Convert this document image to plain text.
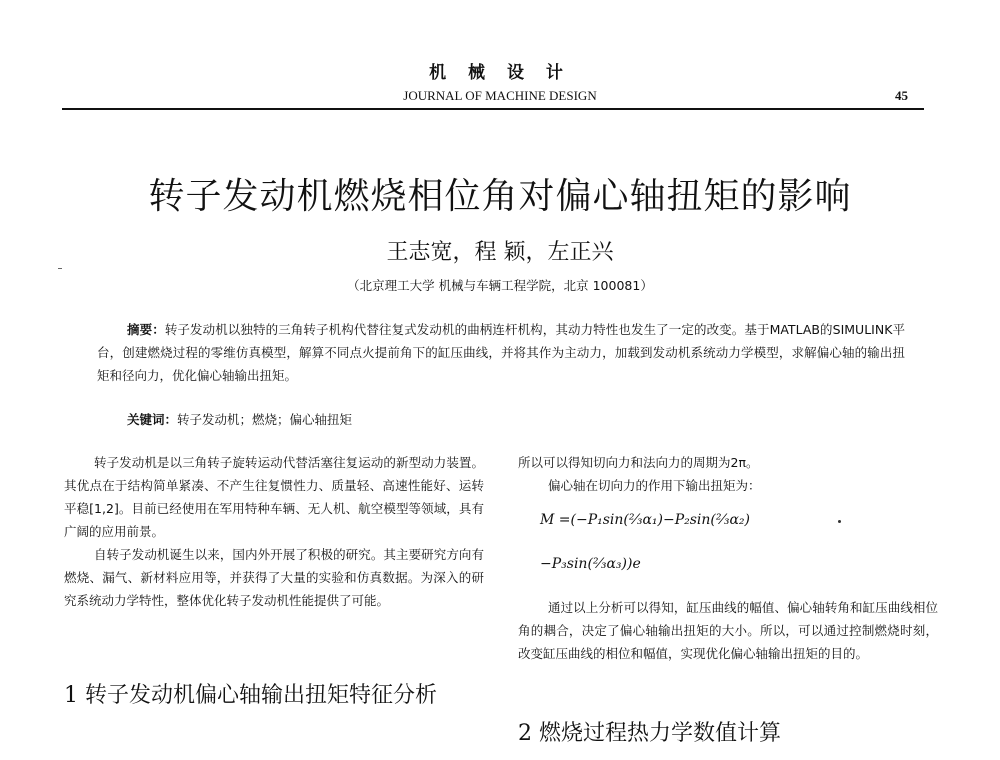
机 械 设 计
JOURNAL OF MACHINE DESIGN	45
转子发动机燃烧相位角对偏心轴扭矩的影响
王志宽，程 颖，左正兴
（北京理工大学 机械与车辆工程学院，北京 100081）
摘要：转子发动机以独特的三角转子机构代替往复式发动机的曲柄连杆机构，其动力特性也发生了一定的改变。基于MATLAB的SIMULINK平台，创建燃烧过程的零维仿真模型，解算不同点火提前角下的缸压曲线，并将其作为主动力，加载到发动机系统动力学模型，求解偏心轴的输出扭矩和径向力，优化偏心轴输出扭矩。
关键词：转子发动机；燃烧；偏心轴扭矩

转子发动机是以三角转子旋转运动代替活塞往复运动的新型动力装置。其优点在于结构简单紧凑、不产生往复惯性力、质量轻、高速性能好、运转平稳[1,2]。目前已经使用在军用特种车辆、无人机、航空模型等领域，具有广阔的应用前景。

自转子发动机诞生以来，国内外开展了积极的研究。其主要研究方向有燃烧、漏气、新材料应用等，并获得了大量的实验和仿真数据。为深入的研究系统动力学特性，整体优化转子发动机性能提供了可能。

1 转子发动机偏心轴输出扭矩特征分析

所以可以得知切向力和法向力的周期为2π。

偏心轴在切向力的作用下输出扭矩为：

M =(−P₁sin(²⁄₃α₁)−P₂sin(²⁄₃α₂)
−P₃sin(²⁄₃α₃))e

通过以上分析可以得知，缸压曲线的幅值、偏心轴转角和缸压曲线相位角的耦合，决定了偏心轴输出扭矩的大小。所以，可以通过控制燃烧时刻，改变缸压曲线的相位和幅值，实现优化偏心轴输出扭矩的目的。

2 燃烧过程热力学数值计算
